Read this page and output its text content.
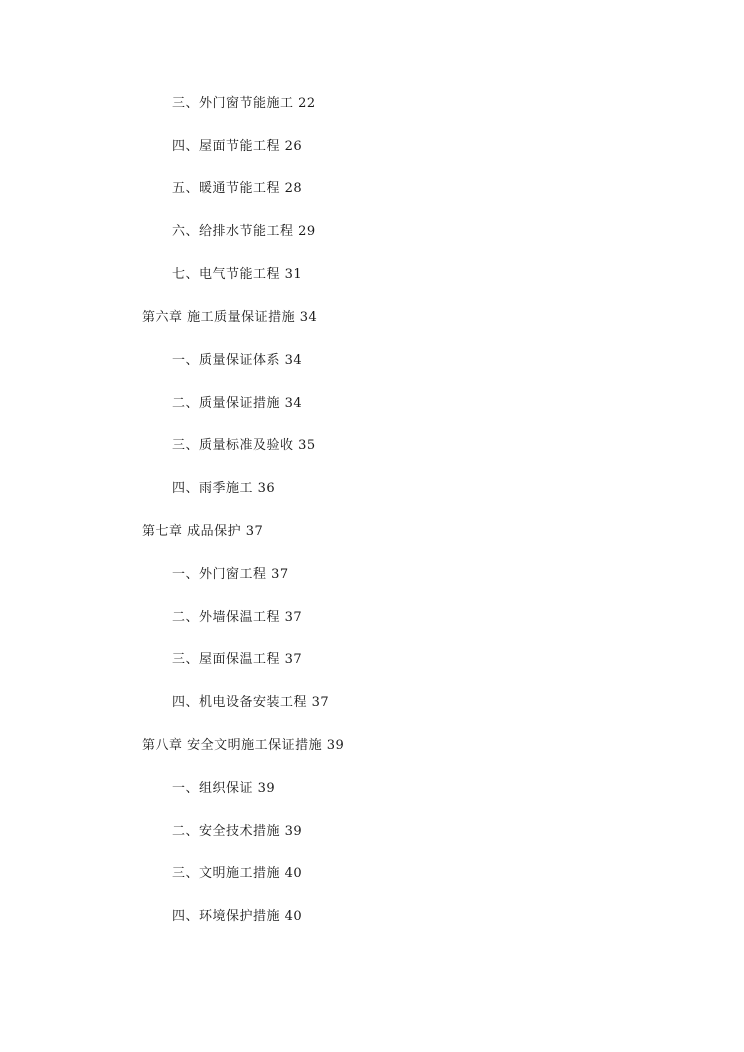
三、外门窗节能施工 22
四、屋面节能工程 26
五、暖通节能工程 28
六、给排水节能工程 29
七、电气节能工程 31
第六章 施工质量保证措施 34
一、质量保证体系 34
二、质量保证措施 34
三、质量标准及验收 35
四、雨季施工 36
第七章 成品保护 37
一、外门窗工程 37
二、外墙保温工程 37
三、屋面保温工程 37
四、机电设备安装工程 37
第八章 安全文明施工保证措施 39
一、组织保证 39
二、安全技术措施 39
三、文明施工措施 40
四、环境保护措施 40
